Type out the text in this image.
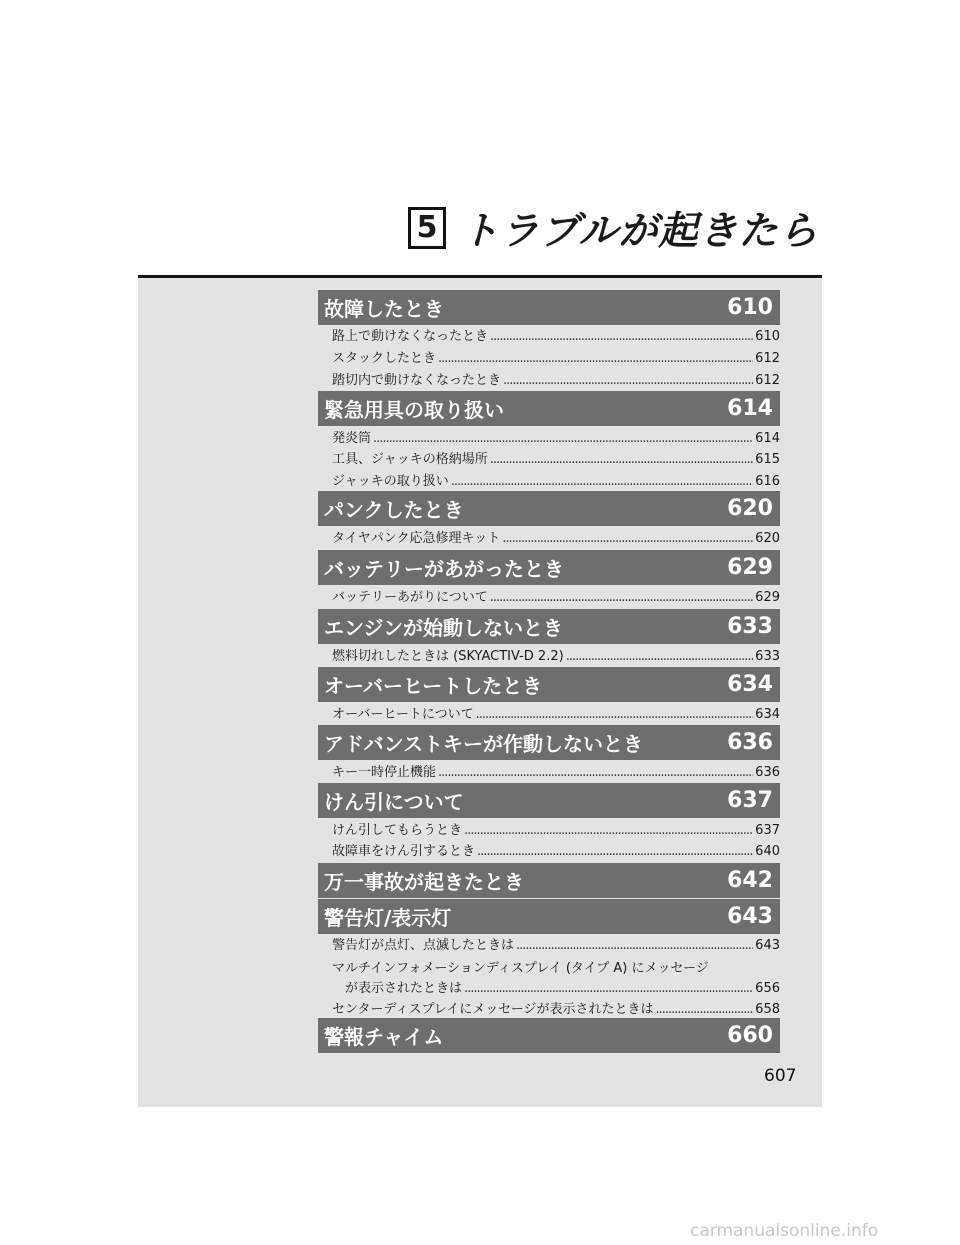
5 トラブルが起きたら
故障したとき	610
路上で動けなくなったとき .....	610
スタックしたとき .....	612
踏切内で動けなくなったとき .....	612
緊急用具の取り扱い	614
発炎筒 .....	614
工具、ジャッキの格納場所 .....	615
ジャッキの取り扱い .....	616
パンクしたとき	620
タイヤパンク応急修理キット .....	620
バッテリーがあがったとき	629
バッテリーあがりについて .....	629
エンジンが始動しないとき	633
燃料切れしたときは (SKYACTIV-D 2.2) .....	633
オーバーヒートしたとき	634
オーバーヒートについて .....	634
アドバンストキーが作動しないとき	636
キー一時停止機能 .....	636
けん引について	637
けん引してもらうとき .....	637
故障車をけん引するとき .....	640
万一事故が起きたとき	642
警告灯/表示灯	643
警告灯が点灯、点滅したときは .....	643
マルチインフォメーションディスプレイ (タイプ A) にメッセージ
が表示されたときは .....	656
センターディスプレイにメッセージが表示されたときは .....	658
警報チャイム	660
607
carmanualsonline.info
